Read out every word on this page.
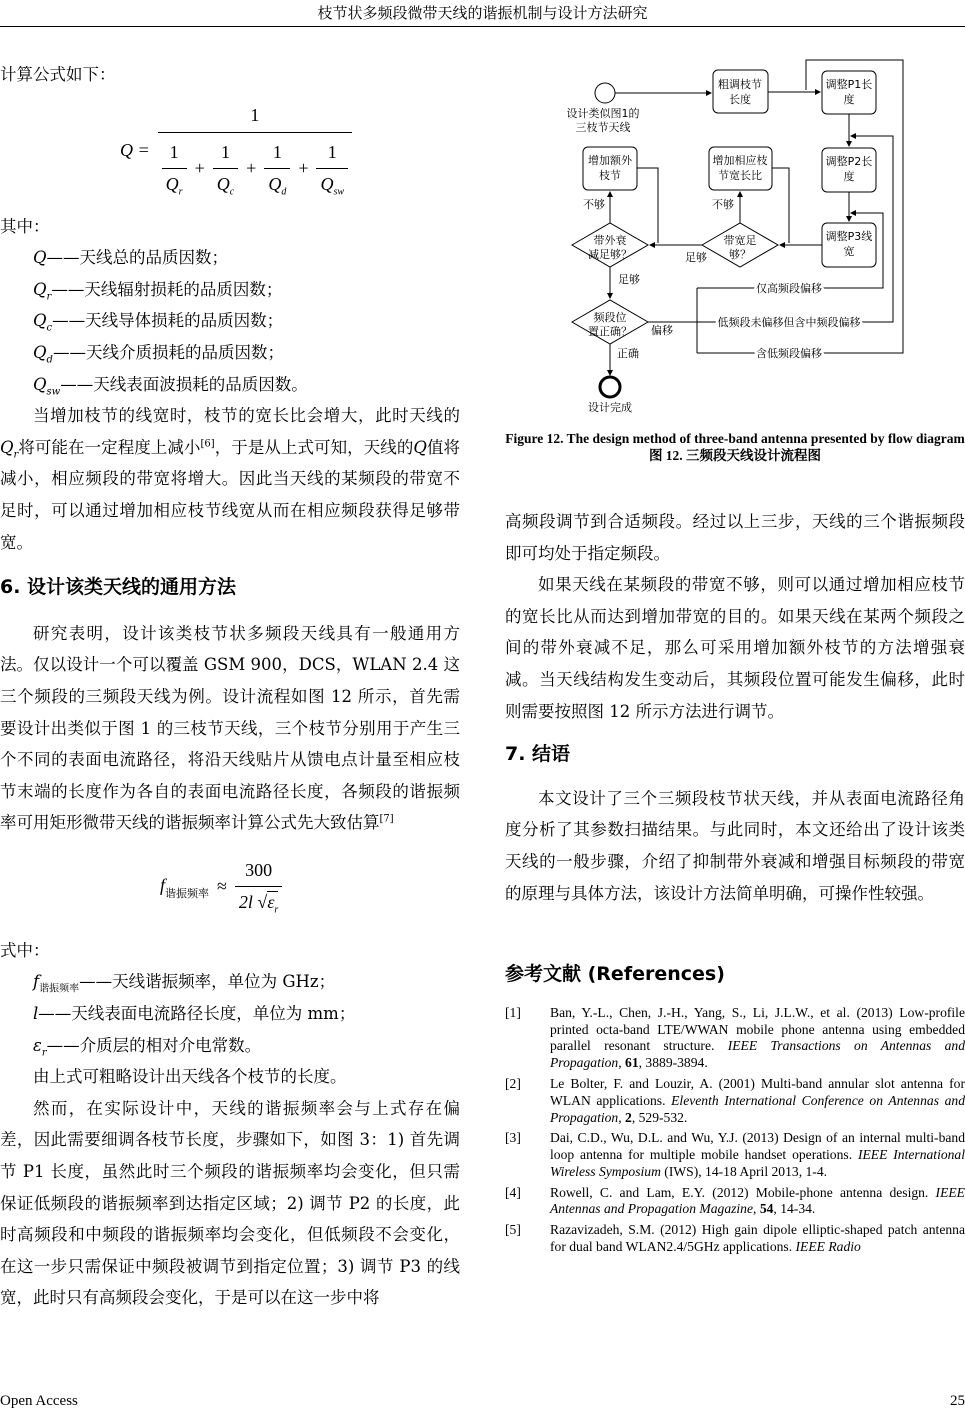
枝节状多频段微带天线的谐振机制与设计方法研究
计算公式如下：
Q =
1
$\frac{1}{Q_r} + \frac{1}{Q_c} + \frac{1}{Q_d} + \frac{1}{Q_{sw}}$
其中：
Q——天线总的品质因数；
$Q_r——$天线辐射损耗的品质因数；
$Q_c——$天线导体损耗的品质因数；
$Q_d——$天线介质损耗的品质因数；
$Q_{sw}——$天线表面波损耗的品质因数。
当增加枝节的线宽时，枝节的宽长比会增大，此时天线的$Q_r$将可能在一定程度上减小[6]，于是从上式可知，天线的Q值将减小，相应频段的带宽将增大。因此当天线的某频段的带宽不足时，可以通过增加相应枝节线宽从而在相应频段获得足够带宽。
6. 设计该类天线的通用方法
研究表明，设计该类枝节状多频段天线具有一般通用方法。仅以设计一个可以覆盖 GSM 900，DCS，WLAN 2.4 这三个频段的三频段天线为例。设计流程如图 12 所示，首先需要设计出类似于图 1 的三枝节天线，三个枝节分别用于产生三个不同的表面电流路径，将沿天线贴片从馈电点计量至相应枝节末端的长度作为各自的表面电流路径长度，各频段的谐振频率可用矩形微带天线的谐振频率计算公式先大致估算[7]
$f_{谐振频率} \approx \frac{300}{2l √\varepsilon_r}$
式中：
$f_{谐振频率}——$天线谐振频率，单位为 GHz；
l——天线表面电流路径长度，单位为 mm；
$\varepsilon_r——$介质层的相对介电常数。
由上式可粗略设计出天线各个枝节的长度。
然而，在实际设计中，天线的谐振频率会与上式存在偏差，因此需要细调各枝节长度，步骤如下，如图 3：1) 首先调节 P1 长度，虽然此时三个频段的谐振频率均会变化，但只需保证低频段的谐振频率到达指定区域；2) 调节 P2 的长度，此时高频段和中频段的谐振频率均会变化，但低频段不会变化，在这一步只需保证中频段被调节到指定位置；3) 调节 P3 的线宽，此时只有高频段会变化，于是可以在这一步中将
设计类似图1的
三枝节天线
粗调枝节
长度
调整P1长
度
调整P2长
度
调整P3线
宽
增加额外
枝节
增加相应枝
节宽长比
带外衰
减足够？
带宽足
够？
频段位
置正确？
不够	不够
足够
足够
偏移
正确
仅高频段偏移
低频段未偏移但含中频段偏移
含低频段偏移
设计完成
Figure 12. The design method of three-band antenna presented by flow diagram
图 12. 三频段天线设计流程图
高频段调节到合适频段。经过以上三步，天线的三个谐振频段即可均处于指定频段。
如果天线在某频段的带宽不够，则可以通过增加相应枝节的宽长比从而达到增加带宽的目的。如果天线在某两个频段之间的带外衰减不足，那么可采用增加额外枝节的方法增强衰减。当天线结构发生变动后，其频段位置可能发生偏移，此时则需要按照图 12 所示方法进行调节。
7. 结语
本文设计了三个三频段枝节状天线，并从表面电流路径角度分析了其参数扫描结果。与此同时，本文还给出了设计该类天线的一般步骤，介绍了抑制带外衰减和增强目标频段的带宽的原理与具体方法，该设计方法简单明确，可操作性较强。
参考文献 (References)
[1]	Ban, Y.-L., Chen, J.-H., Yang, S., Li, J.L.W., et al. (2013) Low-profile printed octa-band LTE/WWAN mobile phone antenna using embedded parallel resonant structure. IEEE Transactions on Antennas and Propagation, 61, 3889-3894.
[2]	Le Bolter, F. and Louzir, A. (2001) Multi-band annular slot antenna for WLAN applications. Eleventh International Conference on Antennas and Propagation, 2, 529-532.
[3]	Dai, C.D., Wu, D.L. and Wu, Y.J. (2013) Design of an internal multi-band loop antenna for multiple mobile handset operations. IEEE International Wireless Symposium (IWS), 14-18 April 2013, 1-4.
[4]	Rowell, C. and Lam, E.Y. (2012) Mobile-phone antenna design. IEEE Antennas and Propagation Magazine, 54, 14-34.
[5]	Razavizadeh, S.M. (2012) High gain dipole elliptic-shaped patch antenna for dual band WLAN2.4/5GHz applications. IEEE Radio
Open Access	25
